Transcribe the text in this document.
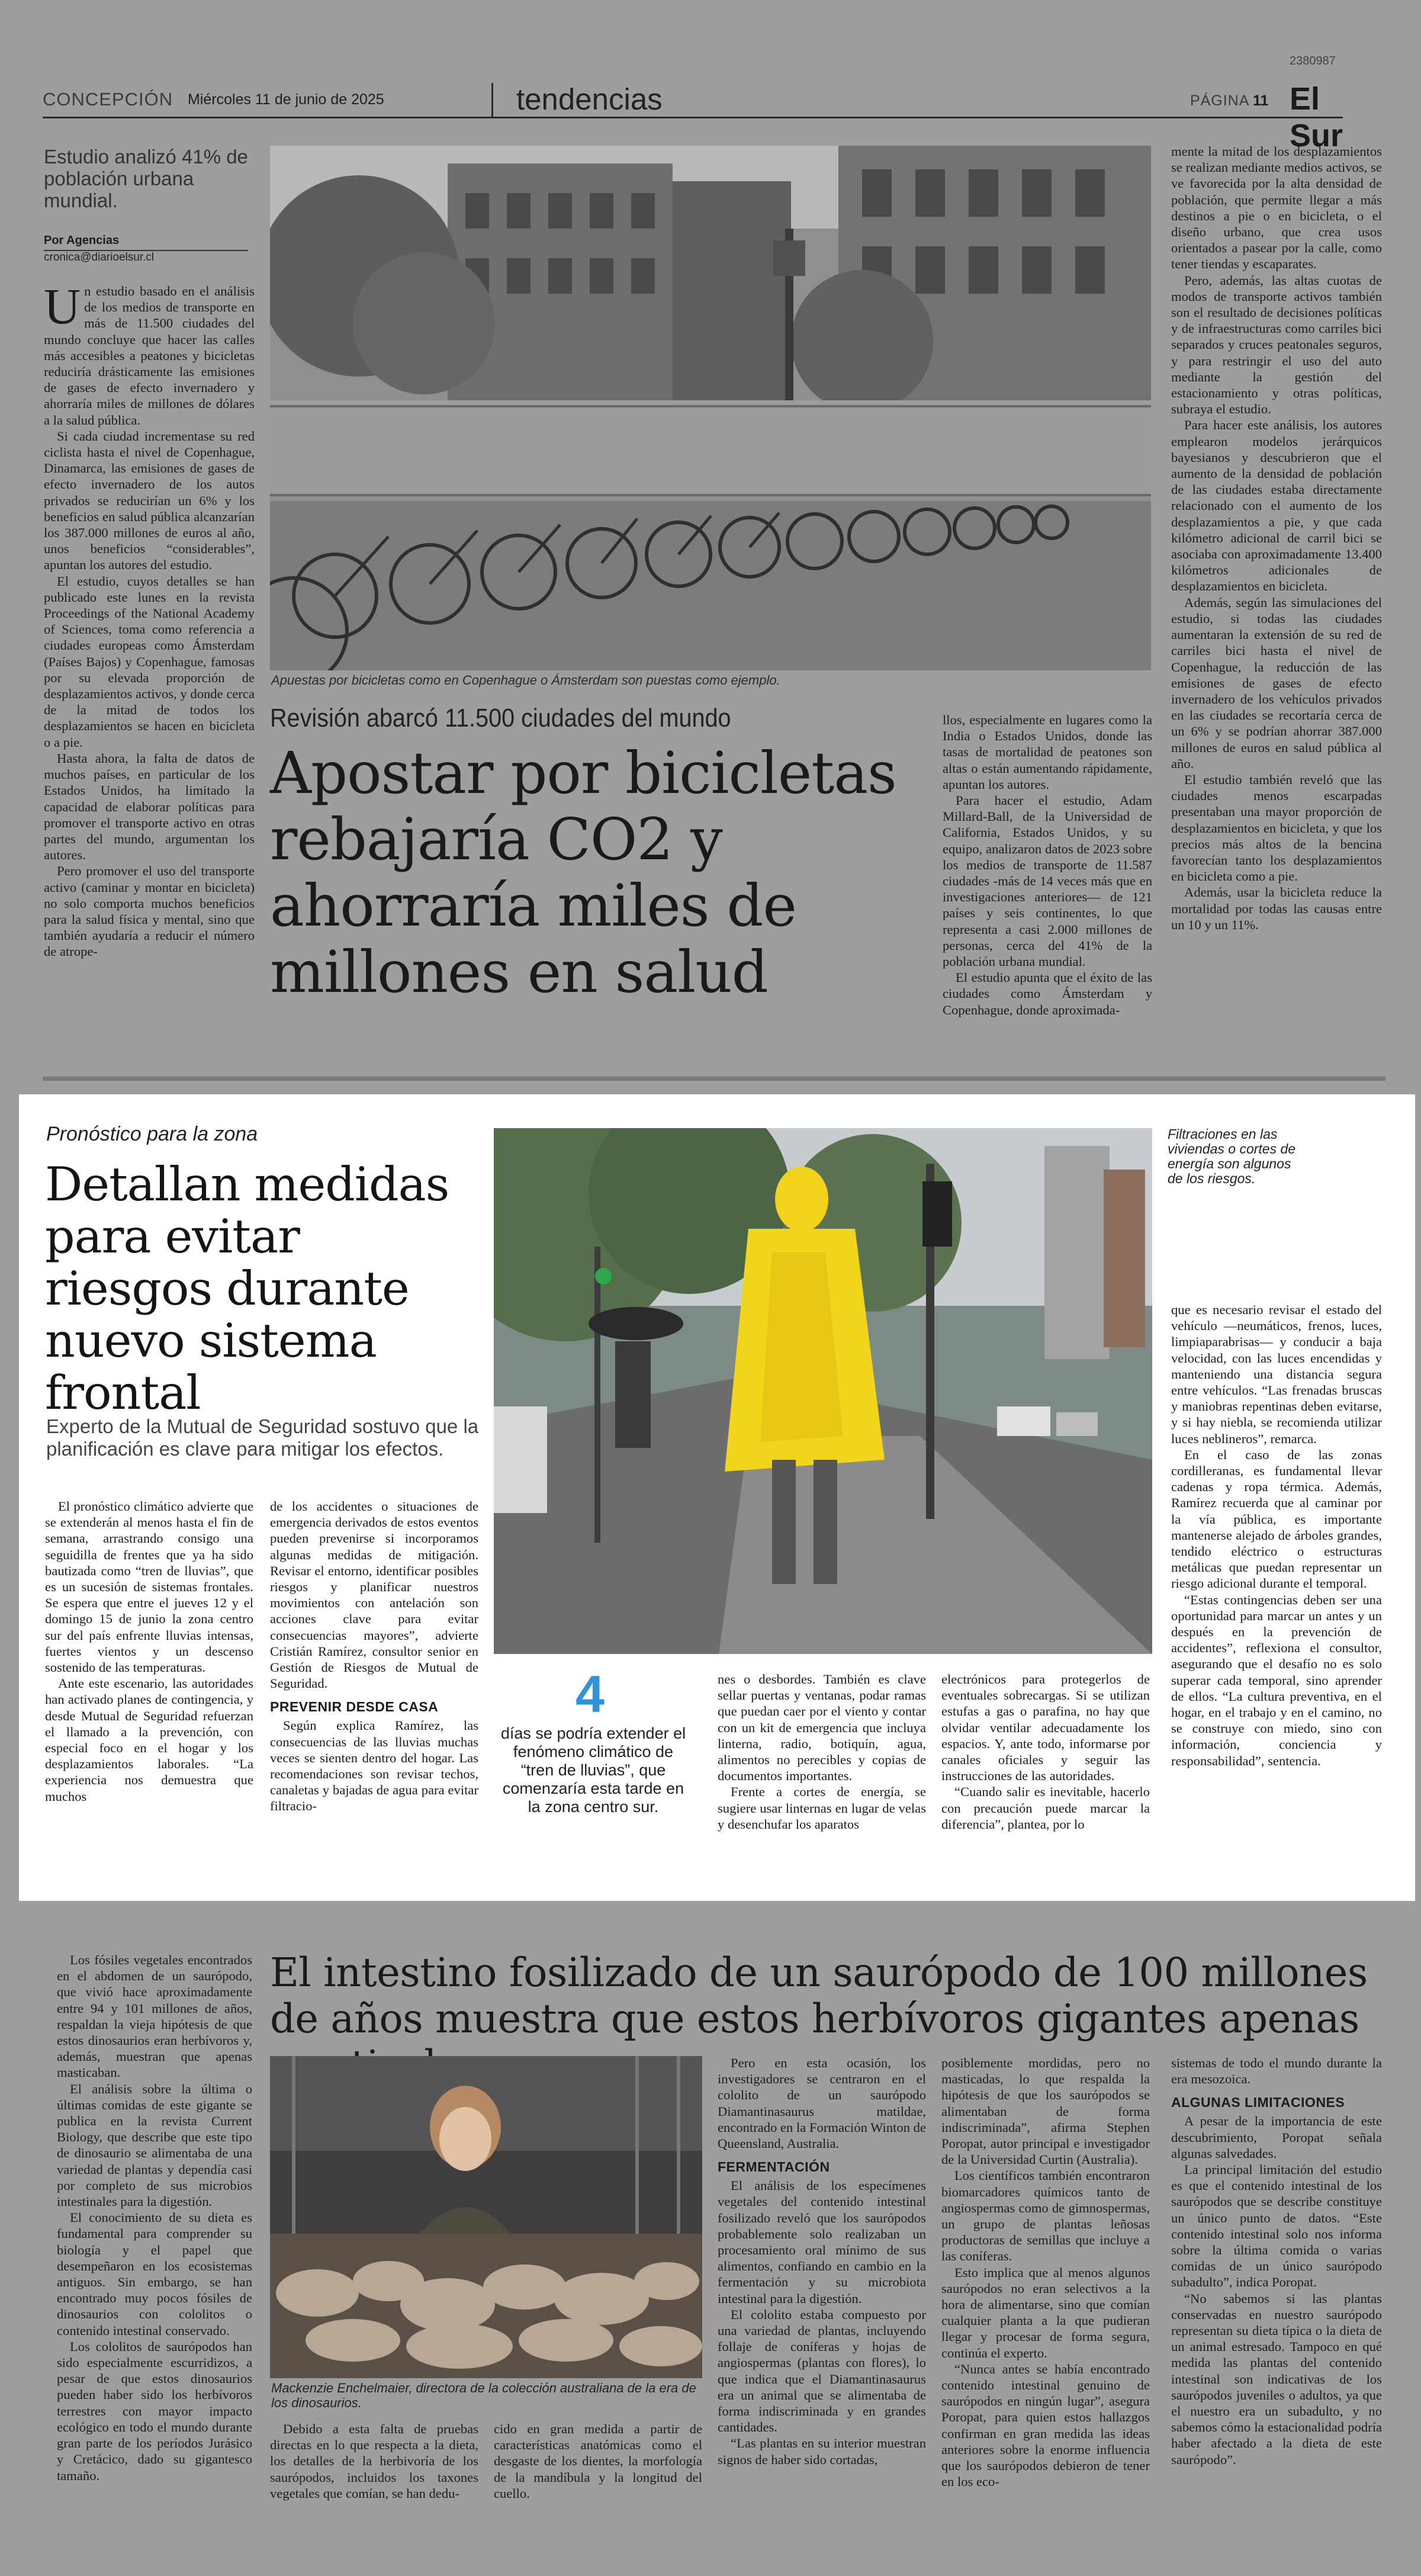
2380987
CONCEPCIÓN Miércoles 11 de junio de 2025	tendencias	PÁGINA 11 El Sur
Estudio analizó 41% de población urbana mundial.
Por Agencias
cronica@diarioelsur.cl

Un estudio basado en el análisis de los medios de transporte en más de 11.500 ciudades del mundo concluye que hacer las calles más accesibles a peatones y bicicletas reduciría drásticamente las emisiones de gases de efecto invernadero y ahorraría miles de millones de dólares a la salud pública.

Si cada ciudad incrementase su red ciclista hasta el nivel de Copenhague, Dinamarca, las emisiones de gases de efecto invernadero de los autos privados se reducirían un 6% y los beneficios en salud pública alcanzarían los 387.000 millones de euros al año, unos beneficios “considerables”, apuntan los autores del estudio.

El estudio, cuyos detalles se han publicado este lunes en la revista Proceedings of the National Academy of Sciences, toma como referencia a ciudades europeas como Ámsterdam (Países Bajos) y Copenhague, famosas por su elevada proporción de desplazamientos activos, y donde cerca de la mitad de todos los desplazamientos se hacen en bicicleta o a pie.

Hasta ahora, la falta de datos de muchos países, en particular de los Estados Unidos, ha limitado la capacidad de elaborar políticas para promover el transporte activo en otras partes del mundo, argumentan los autores.

Pero promover el uso del transporte activo (caminar y montar en bicicleta) no solo comporta muchos beneficios para la salud física y mental, sino que también ayudaría a reducir el número de atrope-

Apuestas por bicicletas como en Copenhague o Ámsterdam son puestas como ejemplo.
Revisión abarcó 11.500 ciudades del mundo
Apostar por bicicletas rebajaría CO2 y ahorraría miles de millones en salud

llos, especialmente en lugares como la India o Estados Unidos, donde las tasas de mortalidad de peatones son altas o están aumentando rápidamente, apuntan los autores.

Para hacer el estudio, Adam Millard-Ball, de la Universidad de California, Estados Unidos, y su equipo, analizaron datos de 2023 sobre los medios de transporte de 11.587 ciudades -más de 14 veces más que en investigaciones anteriores— de 121 países y seis continentes, lo que representa a casi 2.000 millones de personas, cerca del 41% de la población urbana mundial.

El estudio apunta que el éxito de las ciudades como Ámsterdam y Copenhague, donde aproximada-

mente la mitad de los desplazamientos se realizan mediante medios activos, se ve favorecida por la alta densidad de población, que permite llegar a más destinos a pie o en bicicleta, o el diseño urbano, que crea usos orientados a pasear por la calle, como tener tiendas y escaparates.

Pero, además, las altas cuotas de modos de transporte activos también son el resultado de decisiones políticas y de infraestructuras como carriles bici separados y cruces peatonales seguros, y para restringir el uso del auto mediante la gestión del estacionamiento y otras políticas, subraya el estudio.

Para hacer este análisis, los autores emplearon modelos jerárquicos bayesianos y descubrieron que el aumento de la densidad de población de las ciudades estaba directamente relacionado con el aumento de los desplazamientos a pie, y que cada kilómetro adicional de carril bici se asociaba con aproximadamente 13.400 kilómetros adicionales de desplazamientos en bicicleta.

Además, según las simulaciones del estudio, si todas las ciudades aumentaran la extensión de su red de carriles bici hasta el nivel de Copenhague, la reducción de las emisiones de gases de efecto invernadero de los vehículos privados en las ciudades se recortaría cerca de un 6% y se podrían ahorrar 387.000 millones de euros en salud pública al año.

El estudio también reveló que las ciudades menos escarpadas presentaban una mayor proporción de desplazamientos en bicicleta, y que los precios más altos de la bencina favorecían tanto los desplazamientos en bicicleta como a pie.

Además, usar la bicicleta reduce la mortalidad por todas las causas entre un 10 y un 11%.

Pronóstico para la zona
Detallan medidas para evitar riesgos durante nuevo sistema frontal
Experto de la Mutual de Seguridad sostuvo que la planificación es clave para mitigar los efectos.

El pronóstico climático advierte que se extenderán al menos hasta el fin de semana, arrastrando consigo una seguidilla de frentes que ya ha sido bautizada como “tren de lluvias”, que es un sucesión de sistemas frontales. Se espera que entre el jueves 12 y el domingo 15 de junio la zona centro sur del país enfrente lluvias intensas, fuertes vientos y un descenso sostenido de las temperaturas.

Ante este escenario, las autoridades han activado planes de contingencia, y desde Mutual de Seguridad refuerzan el llamado a la prevención, con especial foco en el hogar y los desplazamientos laborales. “La experiencia nos demuestra que muchos

de los accidentes o situaciones de emergencia derivados de estos eventos pueden prevenirse si incorporamos algunas medidas de mitigación. Revisar el entorno, identificar posibles riesgos y planificar nuestros movimientos con antelación son acciones clave para evitar consecuencias mayores”, advierte Cristián Ramírez, consultor senior en Gestión de Riesgos de Mutual de Seguridad.

PREVENIR DESDE CASA

Según explica Ramírez, las consecuencias de las lluvias muchas veces se sienten dentro del hogar. Las recomendaciones son revisar techos, canaletas y bajadas de agua para evitar filtracio-

Filtraciones en las viviendas o cortes de energía son algunos de los riesgos.
4
días se podría extender el fenómeno climático de “tren de lluvias”, que comenzaría esta tarde en la zona centro sur.

nes o desbordes. También es clave sellar puertas y ventanas, podar ramas que puedan caer por el viento y contar con un kit de emergencia que incluya linterna, radio, botiquín, agua, alimentos no perecibles y copias de documentos importantes.

Frente a cortes de energía, se sugiere usar linternas en lugar de velas y desenchufar los aparatos

electrónicos para protegerlos de eventuales sobrecargas. Si se utilizan estufas a gas o parafina, no hay que olvidar ventilar adecuadamente los espacios. Y, ante todo, informarse por canales oficiales y seguir las instrucciones de las autoridades.

“Cuando salir es inevitable, hacerlo con precaución puede marcar la diferencia”, plantea, por lo

que es necesario revisar el estado del vehículo —neumáticos, frenos, luces, limpiaparabrisas— y conducir a baja velocidad, con las luces encendidas y manteniendo una distancia segura entre vehículos. “Las frenadas bruscas y maniobras repentinas deben evitarse, y si hay niebla, se recomienda utilizar luces neblineros”, remarca.

En el caso de las zonas cordilleranas, es fundamental llevar cadenas y ropa térmica. Además, Ramírez recuerda que al caminar por la vía pública, es importante mantenerse alejado de árboles grandes, tendido eléctrico o estructuras metálicas que puedan representar un riesgo adicional durante el temporal.

“Estas contingencias deben ser una oportunidad para marcar un antes y un después en la prevención de accidentes”, reflexiona el consultor, asegurando que el desafío no es solo superar cada temporal, sino aprender de ellos. “La cultura preventiva, en el hogar, en el trabajo y en el camino, no se construye con miedo, sino con información, conciencia y responsabilidad”, sentencia.

Los fósiles vegetales encontrados en el abdomen de un saurópodo, que vivió hace aproximadamente entre 94 y 101 millones de años, respaldan la vieja hipótesis de que estos dinosaurios eran herbívoros y, además, muestran que apenas masticaban.

El análisis sobre la última o últimas comidas de este gigante se publica en la revista Current Biology, que describe que este tipo de dinosaurio se alimentaba de una variedad de plantas y dependía casi por completo de sus microbios intestinales para la digestión.

El conocimiento de su dieta es fundamental para comprender su biología y el papel que desempeñaron en los ecosistemas antiguos. Sin embargo, se han encontrado muy pocos fósiles de dinosaurios con cololitos o contenido intestinal conservado.

Los cololitos de saurópodos han sido especialmente escurridizos, a pesar de que estos dinosaurios pueden haber sido los herbívoros terrestres con mayor impacto ecológico en todo el mundo durante gran parte de los períodos Jurásico y Cretácico, dado su gigantesco tamaño.

El intestino fosilizado de un saurópodo de 100 millones de años muestra que estos herbívoros gigantes apenas
Mackenzie Enchelmaier, directora de la colección australiana de la era de los dinosaurios.

Debido a esta falta de pruebas directas en lo que respecta a la dieta, los detalles de la herbivoría de los saurópodos, incluidos los taxones vegetales que comían, se han dedu-

cido en gran medida a partir de características anatómicas como el desgaste de los dientes, la morfología de la mandíbula y la longitud del cuello.

Pero en esta ocasión, los investigadores se centraron en el cololito de un saurópodo Diamantinasaurus matildae, encontrado en la Formación Winton de Queensland, Australia.

FERMENTACIÓN

El análisis de los especímenes vegetales del contenido intestinal fosilizado reveló que los saurópodos probablemente solo realizaban un procesamiento oral mínimo de sus alimentos, confiando en cambio en la fermentación y su microbiota intestinal para la digestión.

El cololito estaba compuesto por una variedad de plantas, incluyendo follaje de coníferas y hojas de angiospermas (plantas con flores), lo que indica que el Diamantinasaurus era un animal que se alimentaba de forma indiscriminada y en grandes cantidades.

“Las plantas en su interior muestran signos de haber sido cortadas,

posiblemente mordidas, pero no masticadas, lo que respalda la hipótesis de que los saurópodos se alimentaban de forma indiscriminada”, afirma Stephen Poropat, autor principal e investigador de la Universidad Curtin (Australia).

Los científicos también encontraron biomarcadores químicos tanto de angiospermas como de gimnospermas, un grupo de plantas leñosas productoras de semillas que incluye a las coníferas.

Esto implica que al menos algunos saurópodos no eran selectivos a la hora de alimentarse, sino que comían cualquier planta a la que pudieran llegar y procesar de forma segura, continúa el experto.

“Nunca antes se había encontrado contenido intestinal genuino de saurópodos en ningún lugar”, asegura Poropat, para quien estos hallazgos confirman en gran medida las ideas anteriores sobre la enorme influencia que los saurópodos debieron de tener en los eco-

sistemas de todo el mundo durante la era mesozoica.

ALGUNAS LIMITACIONES

A pesar de la importancia de este descubrimiento, Poropat señala algunas salvedades.

La principal limitación del estudio es que el contenido intestinal de los saurópodos que se describe constituye un único punto de datos. “Este contenido intestinal solo nos informa sobre la última comida o varias comidas de un único saurópodo subadulto”, indica Poropat.

“No sabemos si las plantas conservadas en nuestro saurópodo representan su dieta típica o la dieta de un animal estresado. Tampoco en qué medida las plantas del contenido intestinal son indicativas de los saurópodos juveniles o adultos, ya que el nuestro era un subadulto, y no sabemos cómo la estacionalidad podría haber afectado a la dieta de este saurópodo”.
